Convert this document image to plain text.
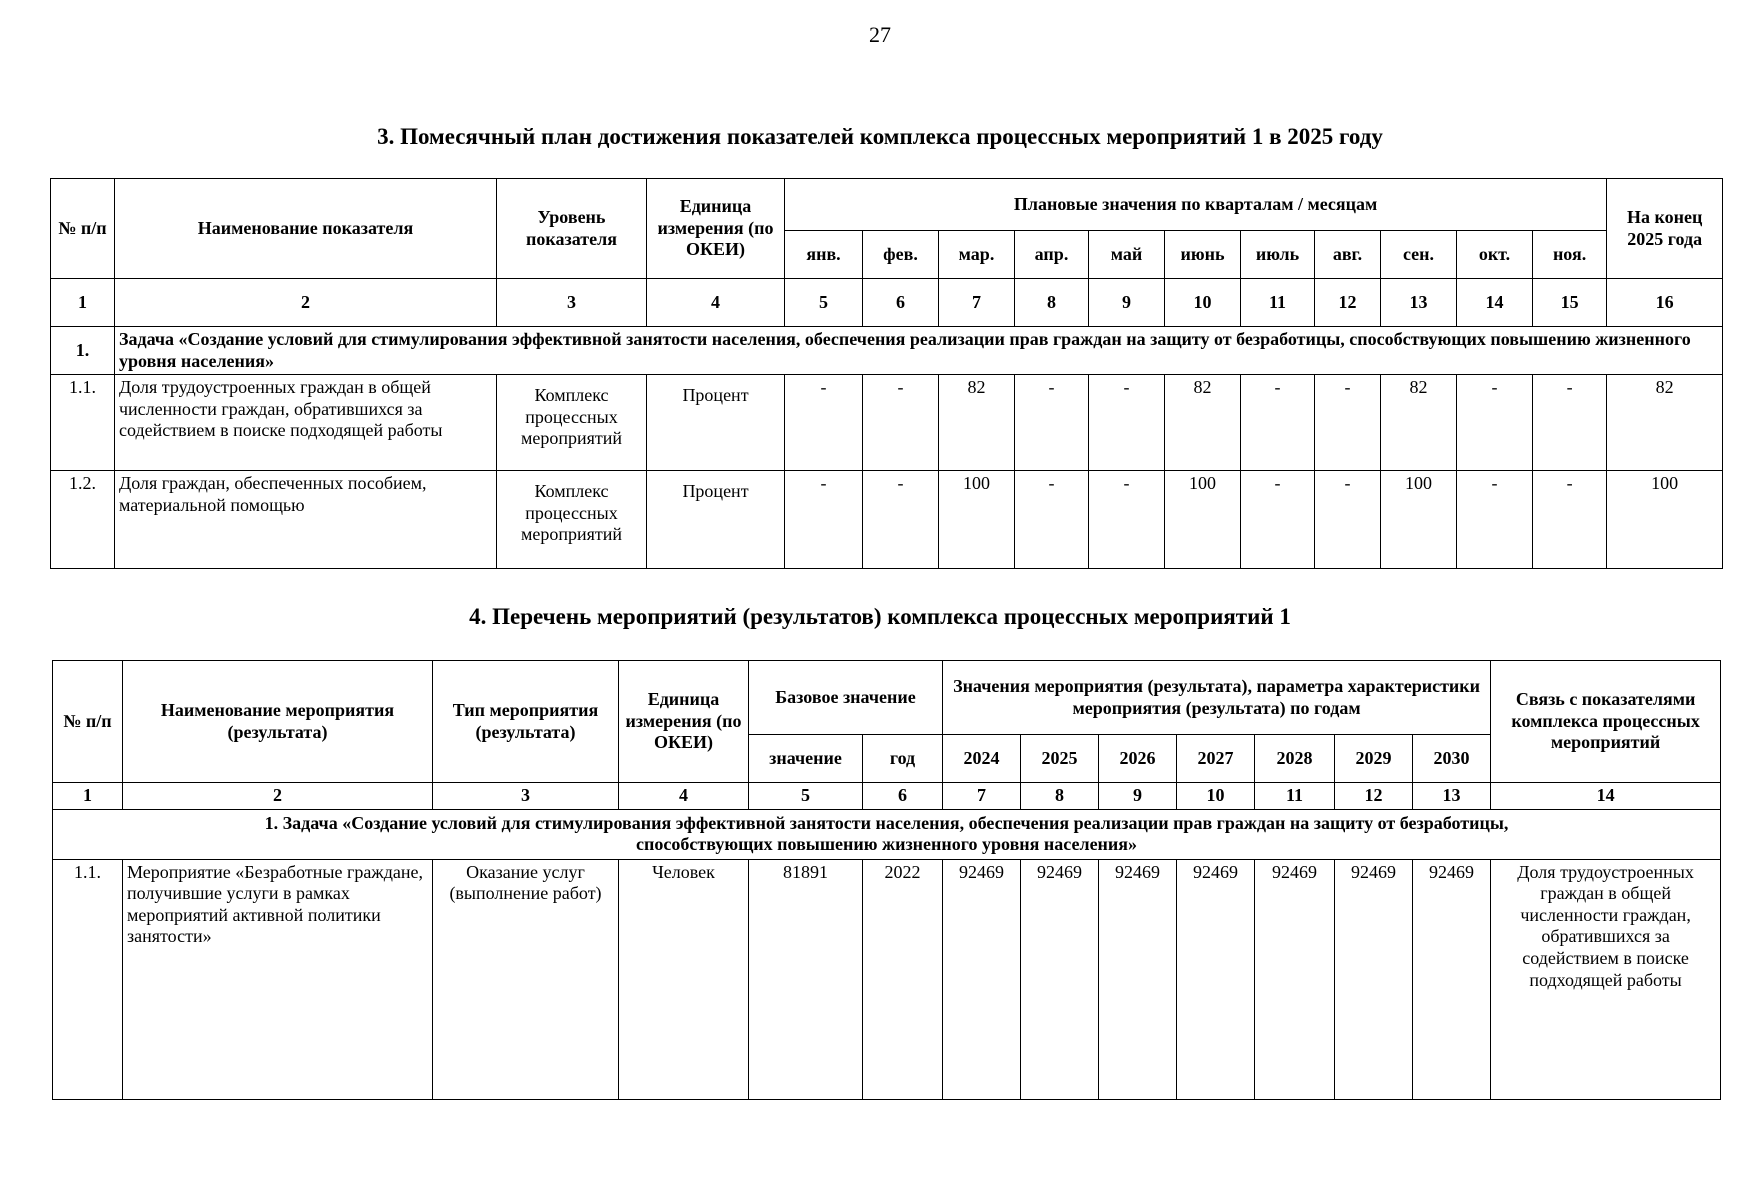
27
3. Помесячный план достижения показателей комплекса процессных мероприятий 1 в 2025 году
№ п/п	Наименование показателя	Уровень показателя	Единица измерения (по ОКЕИ)	Плановые значения по кварталам / месяцам											На конец 2025 года
				янв.	фев.	мар.	апр.	май	июнь	июль	авг.	сен.	окт.	ноя.	
1	2	3	4	5	6	7	8	9	10	11	12	13	14	15	16
1.	Задача «Создание условий для стимулирования эффективной занятости населения, обеспечения реализации прав граждан на защиту от безработицы, способствующих повышению жизненного уровня населения»														
1.1.	Доля трудоустроенных граждан в общей численности граждан, обратившихся за содействием в поиске подходящей работы	Комплекс процессных мероприятий	Процент	-	-	82	-	-	82	-	-	82	-	-	82
1.2.	Доля граждан, обеспеченных пособием, материальной помощью	Комплекс процессных мероприятий	Процент	-	-	100	-	-	100	-	-	100	-	-	100
4. Перечень мероприятий (результатов) комплекса процессных мероприятий 1
№ п/п	Наименование мероприятия (результата)	Тип мероприятия (результата)	Единица измерения (по ОКЕИ)	Базовое значение		Значения мероприятия (результата), параметра характеристики мероприятия (результата) по годам							Связь с показателями комплекса процессных мероприятий
				значение	год	2024	2025	2026	2027	2028	2029	2030	
1	2	3	4	5	6	7	8	9	10	11	12	13	14
1. Задача «Создание условий для стимулирования эффективной занятости населения, обеспечения реализации прав граждан на защиту от безработицы, способствующих повышению жизненного уровня населения»													
1.1.	Мероприятие «Безработные граждане, получившие услуги в рамках мероприятий активной политики занятости»	Оказание услуг (выполнение работ)	Человек	81891	2022	92469	92469	92469	92469	92469	92469	92469	Доля трудоустроенных граждан в общей численности граждан, обратившихся за содействием в поиске подходящей работы
